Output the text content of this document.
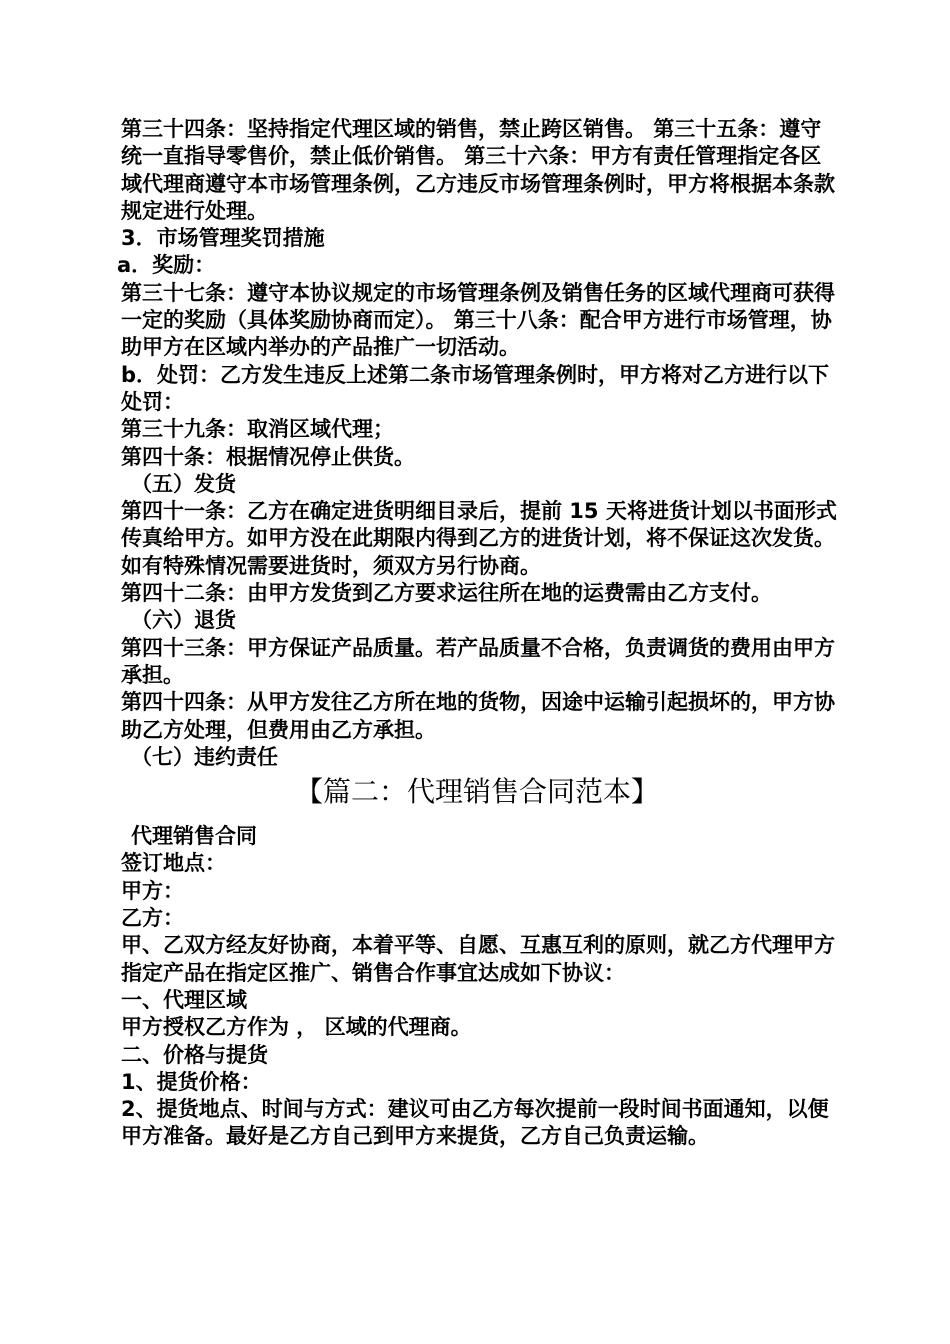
第三十四条：坚持指定代理区域的销售，禁止跨区销售。 第三十五条：遵守统一直指导零售价，禁止低价销售。 第三十六条：甲方有责任管理指定各区域代理商遵守本市场管理条例，乙方违反市场管理条例时，甲方将根据本条款规定进行处理。

3．市场管理奖罚措施

a．奖励：

第三十七条：遵守本协议规定的市场管理条例及销售任务的区域代理商可获得一定的奖励（具体奖励协商而定）。 第三十八条：配合甲方进行市场管理，协助甲方在区域内举办的产品推广一切活动。

b．处罚：乙方发生违反上述第二条市场管理条例时，甲方将对乙方进行以下处罚：

第三十九条：取消区域代理；

第四十条：根据情况停止供货。

（五）发货

第四十一条：乙方在确定进货明细目录后，提前 15 天将进货计划以书面形式传真给甲方。如甲方没在此期限内得到乙方的进货计划，将不保证这次发货。如有特殊情况需要进货时，须双方另行协商。

第四十二条：由甲方发货到乙方要求运往所在地的运费需由乙方支付。

（六）退货

第四十三条：甲方保证产品质量。若产品质量不合格，负责调货的费用由甲方承担。

第四十四条：从甲方发往乙方所在地的货物，因途中运输引起损坏的，甲方协助乙方处理，但费用由乙方承担。

（七）违约责任

【篇二：代理销售合同范本】

代理销售合同

签订地点：

甲方：

乙方：

甲、乙双方经友好协商，本着平等、自愿、互惠互利的原则，就乙方代理甲方指定产品在指定区推广、销售合作事宜达成如下协议：

一、代理区域

甲方授权乙方作为 ， 区域的代理商。

二、价格与提货

1、提货价格：

2、提货地点、时间与方式：建议可由乙方每次提前一段时间书面通知，以便甲方准备。最好是乙方自己到甲方来提货，乙方自己负责运输。
